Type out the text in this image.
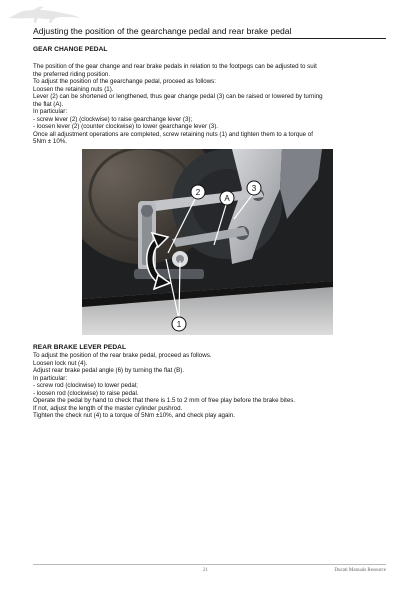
Adjusting the position of the gearchange pedal and rear brake pedal
GEAR CHANGE PEDAL
The position of the gear change and rear brake pedals in relation to the footpegs can be adjusted to suit
the preferred riding position.
To adjust the position of the gearchange pedal, proceed as follows:
Loosen the retaining nuts (1).
Lever (2) can be shortened or lengthened, thus gear change pedal (3) can be raised or lowered by turning
the flat (A).
In particular:
- screw lever (2) (clockwise) to raise gearchange lever (3);
- loosen lever (2) (counter clockwise) to lower gearchange lever (3).
Once all adjustment operations are completed, screw retaining nuts (1) and tighten them to a torque of
5Nm ± 10%.
2
A
3
1
REAR BRAKE LEVER PEDAL
To adjust the position of the rear brake pedal, proceed as follows.
Loosen lock nut (4).
Adjust rear brake pedal angle (6) by turning the flat (B).
In particular:
- screw rod (clockwise) to lower pedal;
- loosen rod (clockwise) to raise pedal.
Operate the pedal by hand to check that there is 1.5 to 2 mm of free play before the brake bites.
If not, adjust the length of the master cylinder pushrod.
Tighten the check nut (4) to a torque of 5Nm ±10%, and check play again.
21	Ducati Manuals Resource
